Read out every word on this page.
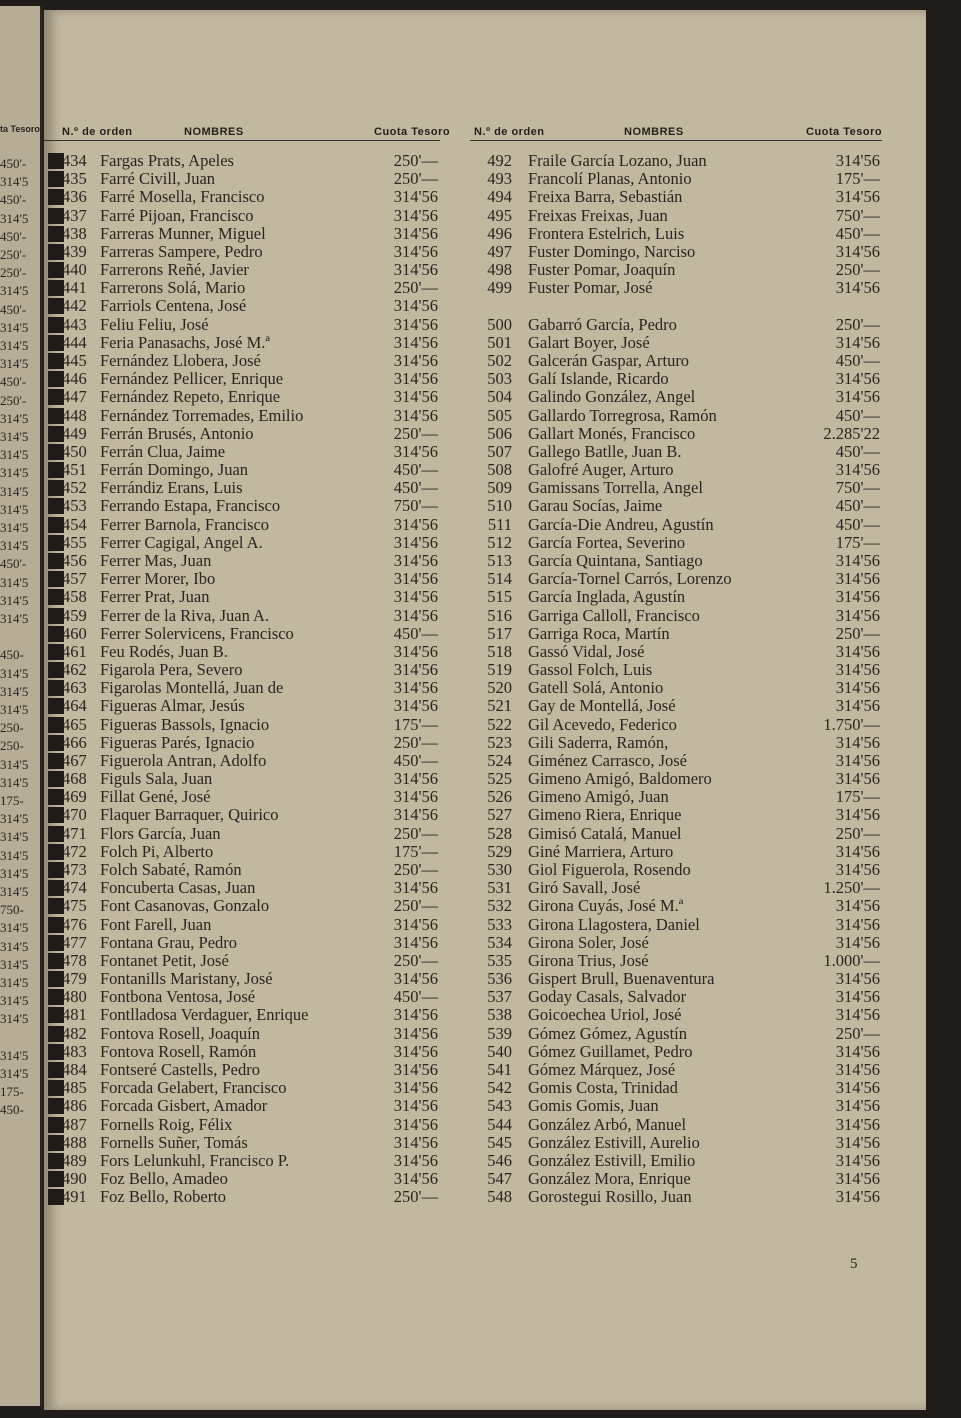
ta Tesoro
450'-
314'5
450'-
314'5
450'-
250'-
250'-
314'5
450'-
314'5
314'5
314'5
450'-
250'-
314'5
314'5
314'5
314'5
314'5
314'5
314'5
314'5
450'-
314'5
314'5
314'5
450-
314'5
314'5
314'5
250-
250-
314'5
314'5
175-
314'5
314'5
314'5
314'5
314'5
750-
314'5
314'5
314'5
314'5
314'5
314'5
314'5
314'5
175-
450-
N.º de orden	NOMBRES	Cuota Tesoro N.º de orden	NOMBRES	Cuota Tesoro
434 Fargas Prats, Apeles	250'—
435 Farré Civill, Juan	250'—
436 Farré Mosella, Francisco	314'56
437 Farré Pijoan, Francisco	314'56
438 Farreras Munner, Miguel	314'56
439 Farreras Sampere, Pedro	314'56
440 Farrerons Reñé, Javier	314'56
441 Farrerons Solá, Mario	250'—
442 Farriols Centena, José	314'56
443 Feliu Feliu, José	314'56
444 Feria Panasachs, José M.ª	314'56
445 Fernández Llobera, José	314'56
446 Fernández Pellicer, Enrique	314'56
447 Fernández Repeto, Enrique	314'56
448 Fernández Torremades, Emilio	314'56
449 Ferrán Brusés, Antonio	250'—
450 Ferrán Clua, Jaime	314'56
451 Ferrán Domingo, Juan	450'—
452 Ferrándiz Erans, Luis	450'—
453 Ferrando Estapa, Francisco	750'—
454 Ferrer Barnola, Francisco	314'56
455 Ferrer Cagigal, Angel A.	314'56
456 Ferrer Mas, Juan	314'56
457 Ferrer Morer, Ibo	314'56
458 Ferrer Prat, Juan	314'56
459 Ferrer de la Riva, Juan A.	314'56
460 Ferrer Solervicens, Francisco	450'—
461 Feu Rodés, Juan B.	314'56
462 Figarola Pera, Severo	314'56
463 Figarolas Montellá, Juan de	314'56
464 Figueras Almar, Jesús	314'56
465 Figueras Bassols, Ignacio	175'—
466 Figueras Parés, Ignacio	250'—
467 Figuerola Antran, Adolfo	450'—
468 Figuls Sala, Juan	314'56
469 Fillat Gené, José	314'56
470 Flaquer Barraquer, Quirico	314'56
471 Flors García, Juan	250'—
472 Folch Pi, Alberto	175'—
473 Folch Sabaté, Ramón	250'—
474 Foncuberta Casas, Juan	314'56
475 Font Casanovas, Gonzalo	250'—
476 Font Farell, Juan	314'56
477 Fontana Grau, Pedro	314'56
478 Fontanet Petit, José	250'—
479 Fontanills Maristany, José	314'56
480 Fontbona Ventosa, José	450'—
481 Fontlladosa Verdaguer, Enrique	314'56
482 Fontova Rosell, Joaquín	314'56
483 Fontova Rosell, Ramón	314'56
484 Fontseré Castells, Pedro	314'56
485 Forcada Gelabert, Francisco	314'56
486 Forcada Gisbert, Amador	314'56
487 Fornells Roig, Félix	314'56
488 Fornells Suñer, Tomás	314'56
489 Fors Lelunkuhl, Francisco P.	314'56
490 Foz Bello, Amadeo	314'56
491 Foz Bello, Roberto	250'—
492 Fraile García Lozano, Juan	314'56
493 Francolí Planas, Antonio	175'—
494 Freixa Barra, Sebastián	314'56
495 Freixas Freixas, Juan	750'—
496 Frontera Estelrich, Luis	450'—
497 Fuster Domingo, Narciso	314'56
498 Fuster Pomar, Joaquín	250'—
499 Fuster Pomar, José	314'56
500 Gabarró García, Pedro	250'—
501 Galart Boyer, José	314'56
502 Galcerán Gaspar, Arturo	450'—
503 Galí Islande, Ricardo	314'56
504 Galindo González, Angel	314'56
505 Gallardo Torregrosa, Ramón	450'—
506 Gallart Monés, Francisco	2.285'22
507 Gallego Batlle, Juan B.	450'—
508 Galofré Auger, Arturo	314'56
509 Gamissans Torrella, Angel	750'—
510 Garau Socías, Jaime	450'—
511 García-Die Andreu, Agustín	450'—
512 García Fortea, Severino	175'—
513 García Quintana, Santiago	314'56
514 García-Tornel Carrós, Lorenzo	314'56
515 García Inglada, Agustín	314'56
516 Garriga Calloll, Francisco	314'56
517 Garriga Roca, Martín	250'—
518 Gassó Vidal, José	314'56
519 Gassol Folch, Luis	314'56
520 Gatell Solá, Antonio	314'56
521 Gay de Montellá, José	314'56
522 Gil Acevedo, Federico	1.750'—
523 Gili Saderra, Ramón,	314'56
524 Giménez Carrasco, José	314'56
525 Gimeno Amigó, Baldomero	314'56
526 Gimeno Amigó, Juan	175'—
527 Gimeno Riera, Enrique	314'56
528 Gimisó Catalá, Manuel	250'—
529 Giné Marriera, Arturo	314'56
530 Giol Figuerola, Rosendo	314'56
531 Giró Savall, José	1.250'—
532 Girona Cuyás, José M.ª	314'56
533 Girona Llagostera, Daniel	314'56
534 Girona Soler, José	314'56
535 Girona Trius, José	1.000'—
536 Gispert Brull, Buenaventura	314'56
537 Goday Casals, Salvador	314'56
538 Goicoechea Uriol, José	314'56
539 Gómez Gómez, Agustín	250'—
540 Gómez Guillamet, Pedro	314'56
541 Gómez Márquez, José	314'56
542 Gomis Costa, Trinidad	314'56
543 Gomis Gomis, Juan	314'56
544 González Arbó, Manuel	314'56
545 González Estivill, Aurelio	314'56
546 González Estivill, Emilio	314'56
547 González Mora, Enrique	314'56
548 Gorostegui Rosillo, Juan	314'56
5
